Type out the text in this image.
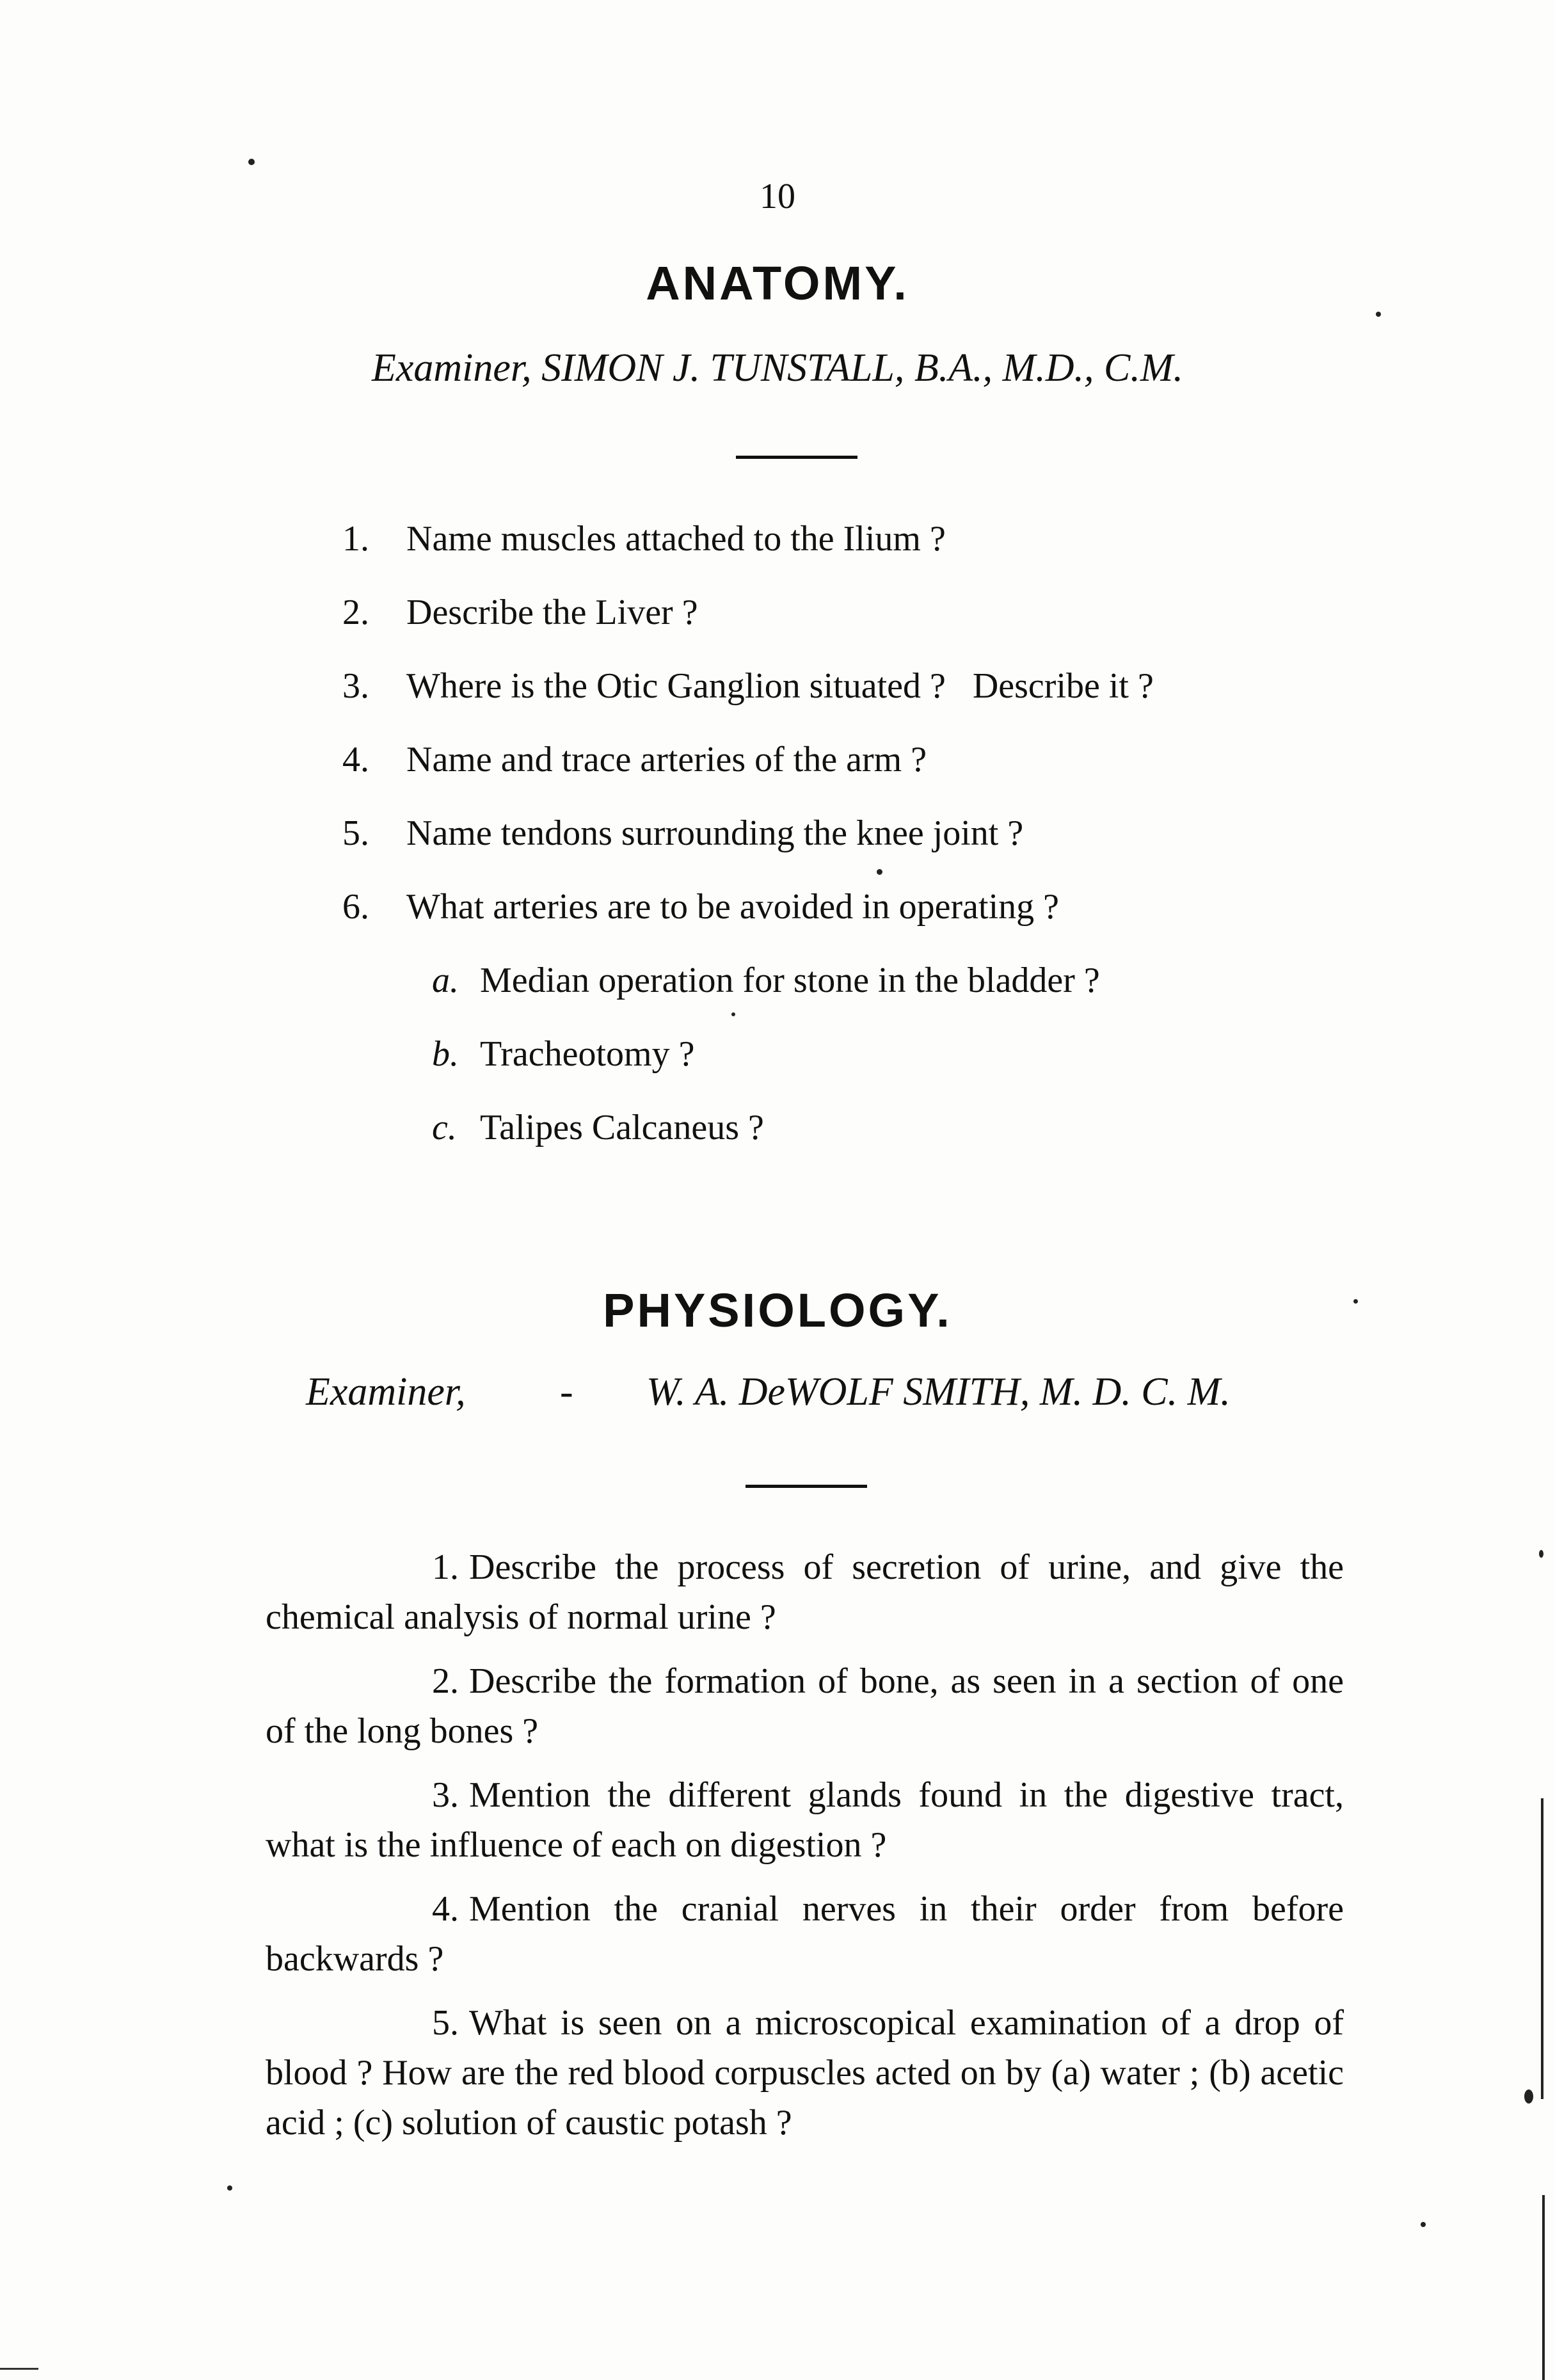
10
ANATOMY.
Examiner, SIMON J. TUNSTALL, B.A., M.D., C.M.
1. Name muscles attached to the Ilium ?
2. Describe the Liver ?
3. Where is the Otic Ganglion situated ?   Describe it ?
4. Name and trace arteries of the arm ?
5. Name tendons surrounding the knee joint ?
6. What arteries are to be avoided in operating ?
a. Median operation for stone in the bladder ?
b. Tracheotomy ?
c. Talipes Calcaneus ?
PHYSIOLOGY.
Examiner, - W. A. DeWOLF SMITH, M. D. C. M.

1. Describe the process of secretion of urine, and give the chemical analysis of normal urine ?

2. Describe the formation of bone, as seen in a section of one of the long bones ?

3. Mention the different glands found in the digestive tract, what is the influence of each on digestion ?

4. Mention the cranial nerves in their order from before backwards ?

5. What is seen on a microscopical examination of a drop of blood ? How are the red blood corpuscles acted on by (a) water ; (b) acetic acid ; (c) solution of caustic potash ?
